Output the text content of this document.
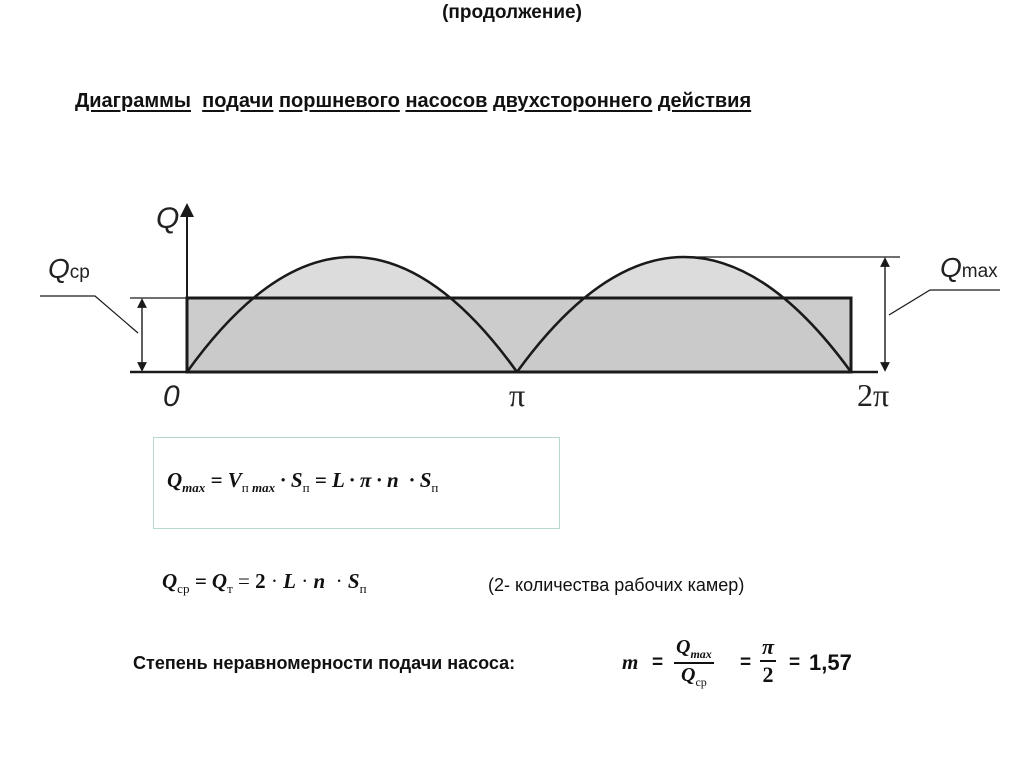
(продолжение)
Диаграммы подачи поршневого насосов двухстороннего действия
Q
Qср	Qmax
0	π	2π
$Q_{max} = V_{п max} \cdot S_п = L \cdot \pi \cdot n \cdot S_п$
$Q_{ср} = Q_т = 2 \cdot L \cdot n \cdot S_п$	(2- количества рабочих камер)
Степень неравномерности подачи насоса:	m =
$Q_{max}$
$Q_{ср}$
= $\frac{\pi}{2} = 1,57$
